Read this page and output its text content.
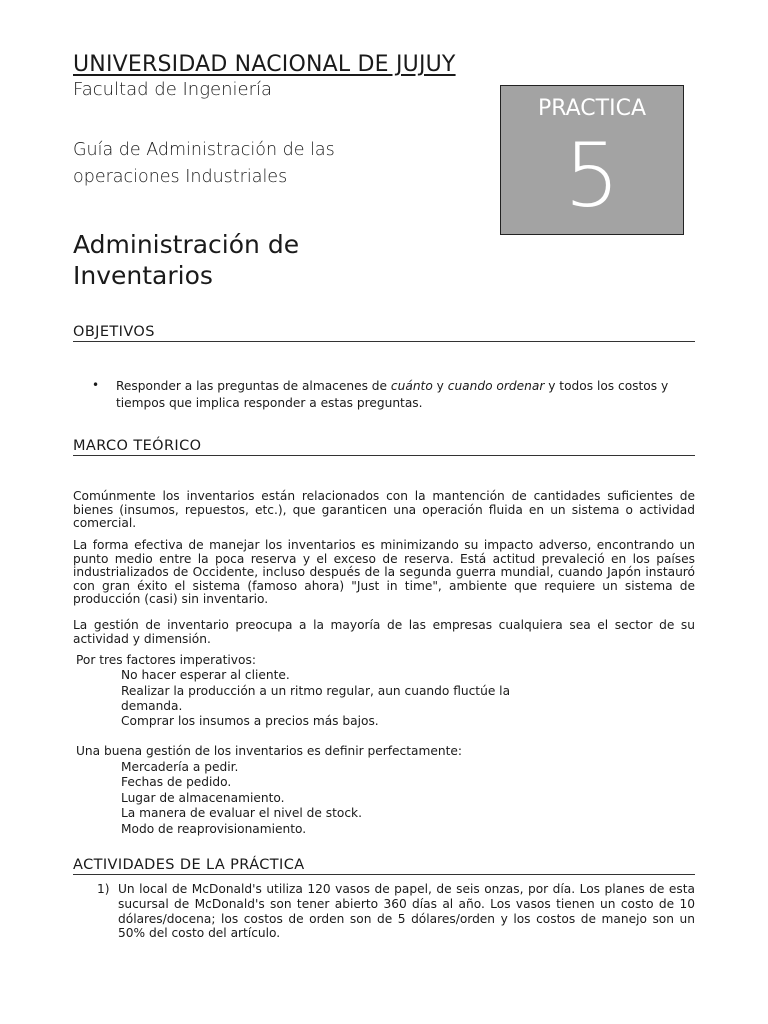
UNIVERSIDAD NACIONAL DE JUJUY
Facultad de Ingeniería
Guía de Administración de las
operaciones Industriales
Administración de
Inventarios
PRACTICA
5
OBJETIVOS
• Responder a las preguntas de almacenes de cuánto y cuando ordenar y todos los costos y tiempos que implica responder a estas preguntas.
MARCO TEÓRICO
Comúnmente los inventarios están relacionados con la mantención de cantidades suficientes de bienes (insumos, repuestos, etc.), que garanticen una operación fluida en un sistema o actividad comercial.
La forma efectiva de manejar los inventarios es minimizando su impacto adverso, encontrando un punto medio entre la poca reserva y el exceso de reserva. Está actitud prevaleció en los países industrializados de Occidente, incluso después de la segunda guerra mundial, cuando Japón instauró con gran éxito el sistema (famoso ahora) "Just in time", ambiente que requiere un sistema de producción (casi) sin inventario.
La gestión de inventario preocupa a la mayoría de las empresas cualquiera sea el sector de su actividad y dimensión.
Por tres factores imperativos:
No hacer esperar al cliente.
Realizar la producción a un ritmo regular, aun cuando fluctúe la
demanda.
Comprar los insumos a precios más bajos.
Una buena gestión de los inventarios es definir perfectamente:
Mercadería a pedir.
Fechas de pedido.
Lugar de almacenamiento.
La manera de evaluar el nivel de stock.
Modo de reaprovisionamiento.
ACTIVIDADES DE LA PRÁCTICA
1) Un local de McDonald's utiliza 120 vasos de papel, de seis onzas, por día. Los planes de esta sucursal de McDonald's son tener abierto 360 días al año. Los vasos tienen un costo de 10 dólares/docena; los costos de orden son de 5 dólares/orden y los costos de manejo son un 50% del costo del artículo.
